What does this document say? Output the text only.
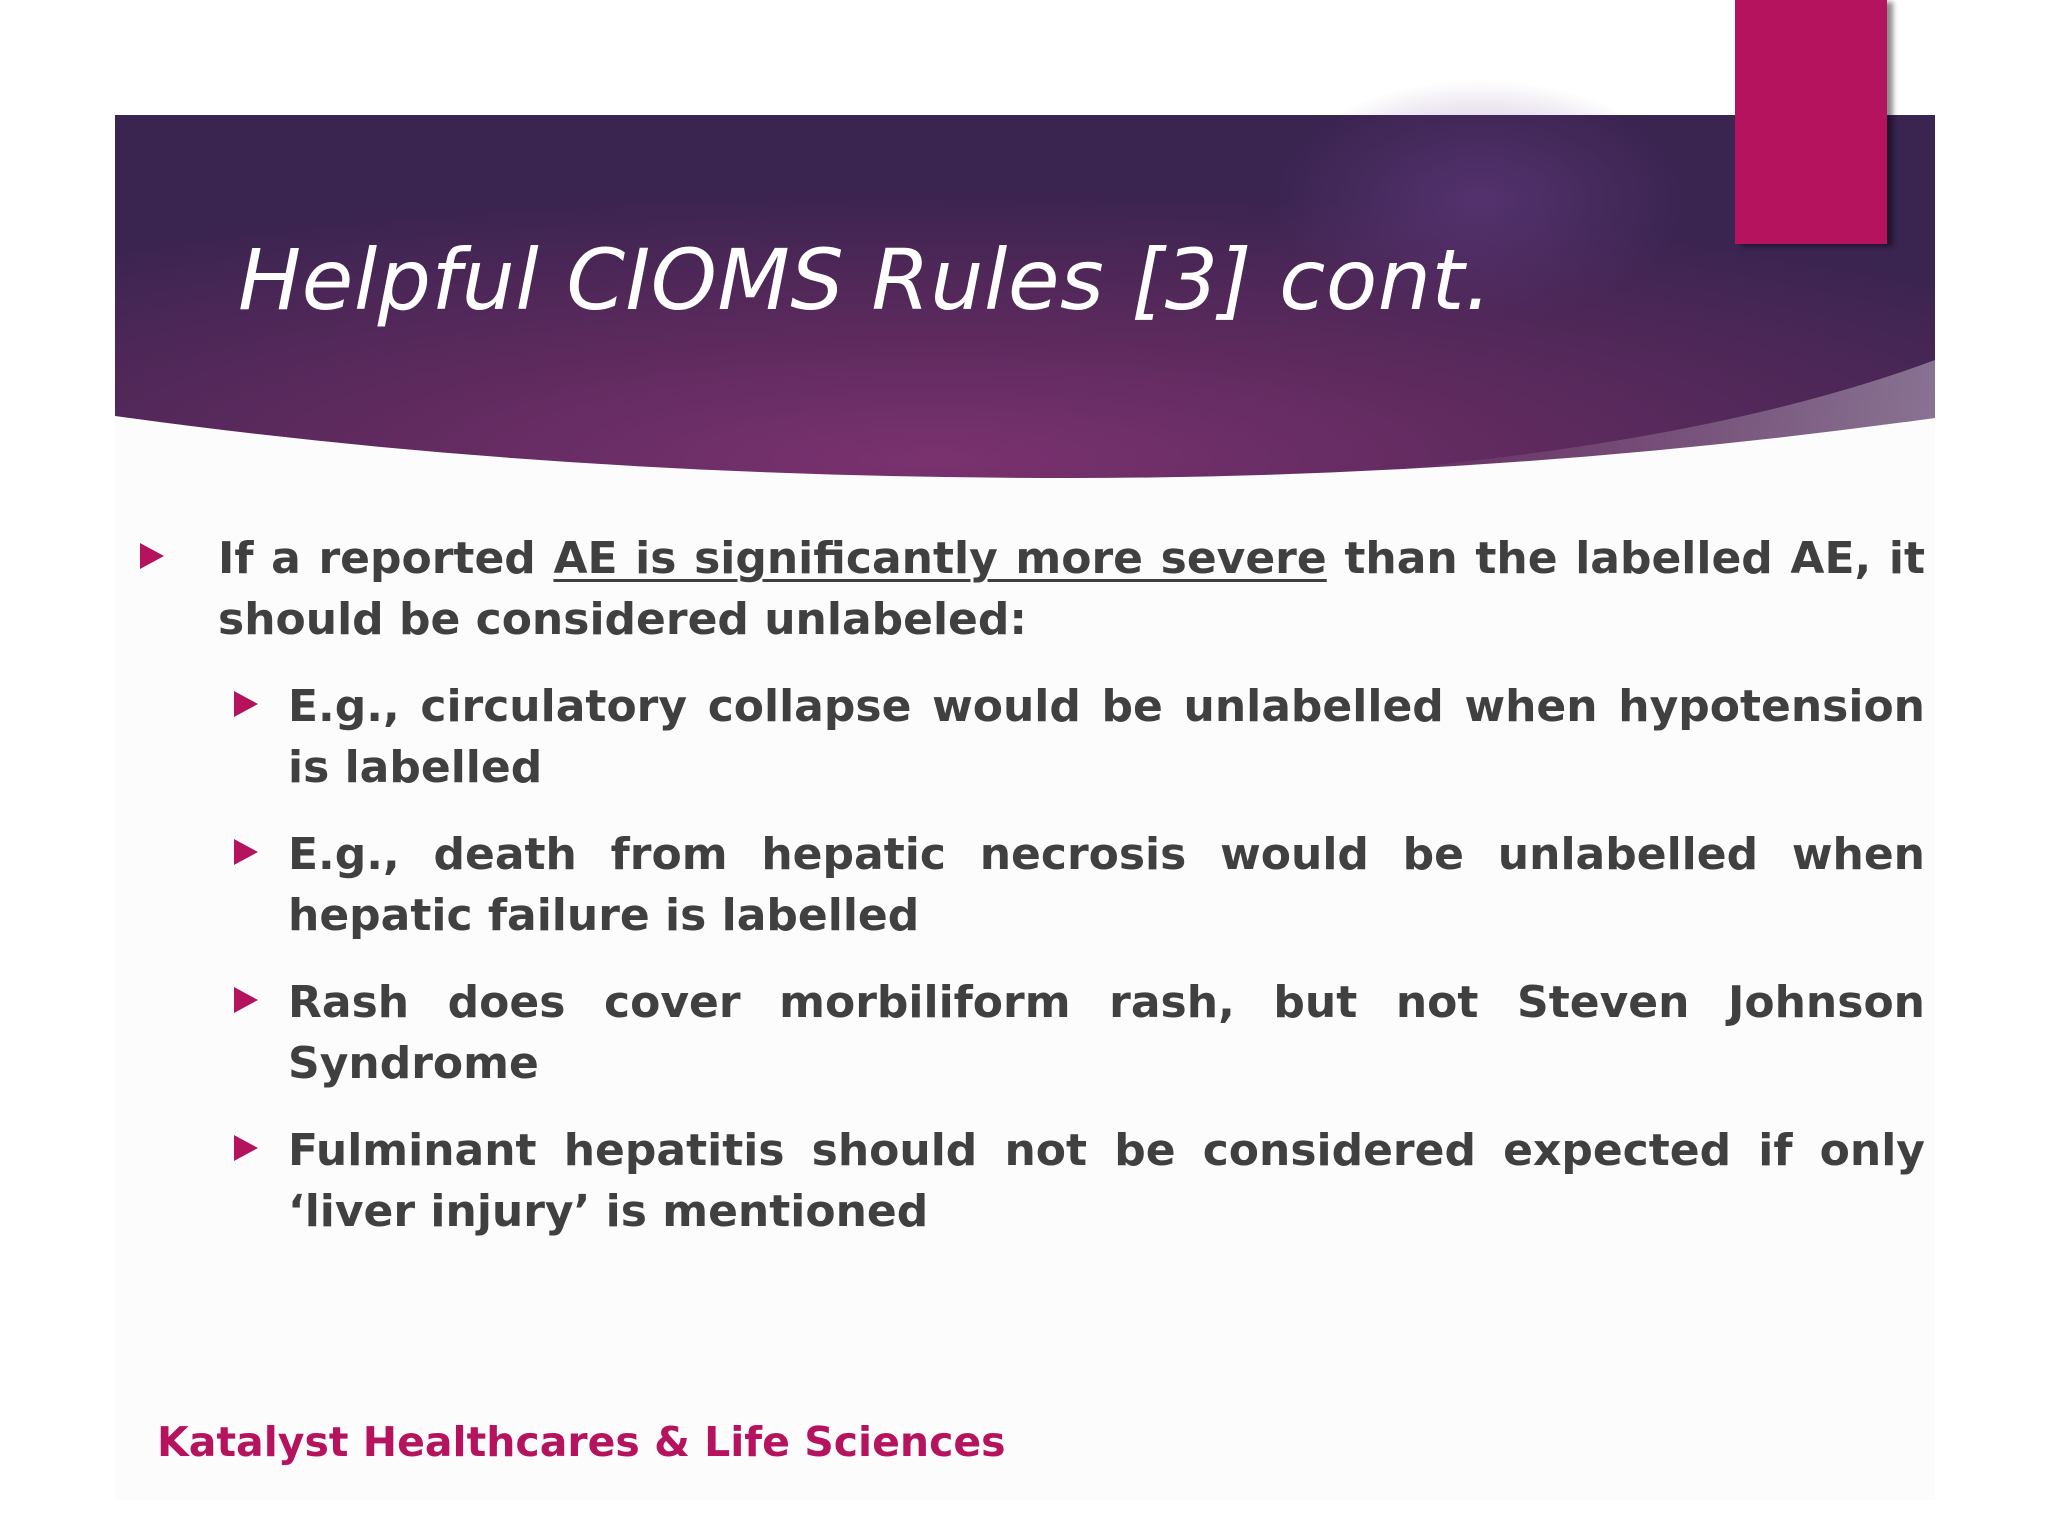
Helpful CIOMS Rules [3] cont.
If a reported AE is significantly more severe than the labelled AE, it should be considered unlabeled:
E.g., circulatory collapse would be unlabelled when hypotension is labelled
E.g., death from hepatic necrosis would be unlabelled when hepatic failure is labelled
Rash does cover morbiliform rash, but not Steven Johnson Syndrome
Fulminant hepatitis should not be considered expected if only ‘liver injury’ is mentioned
Katalyst Healthcares & Life Sciences
